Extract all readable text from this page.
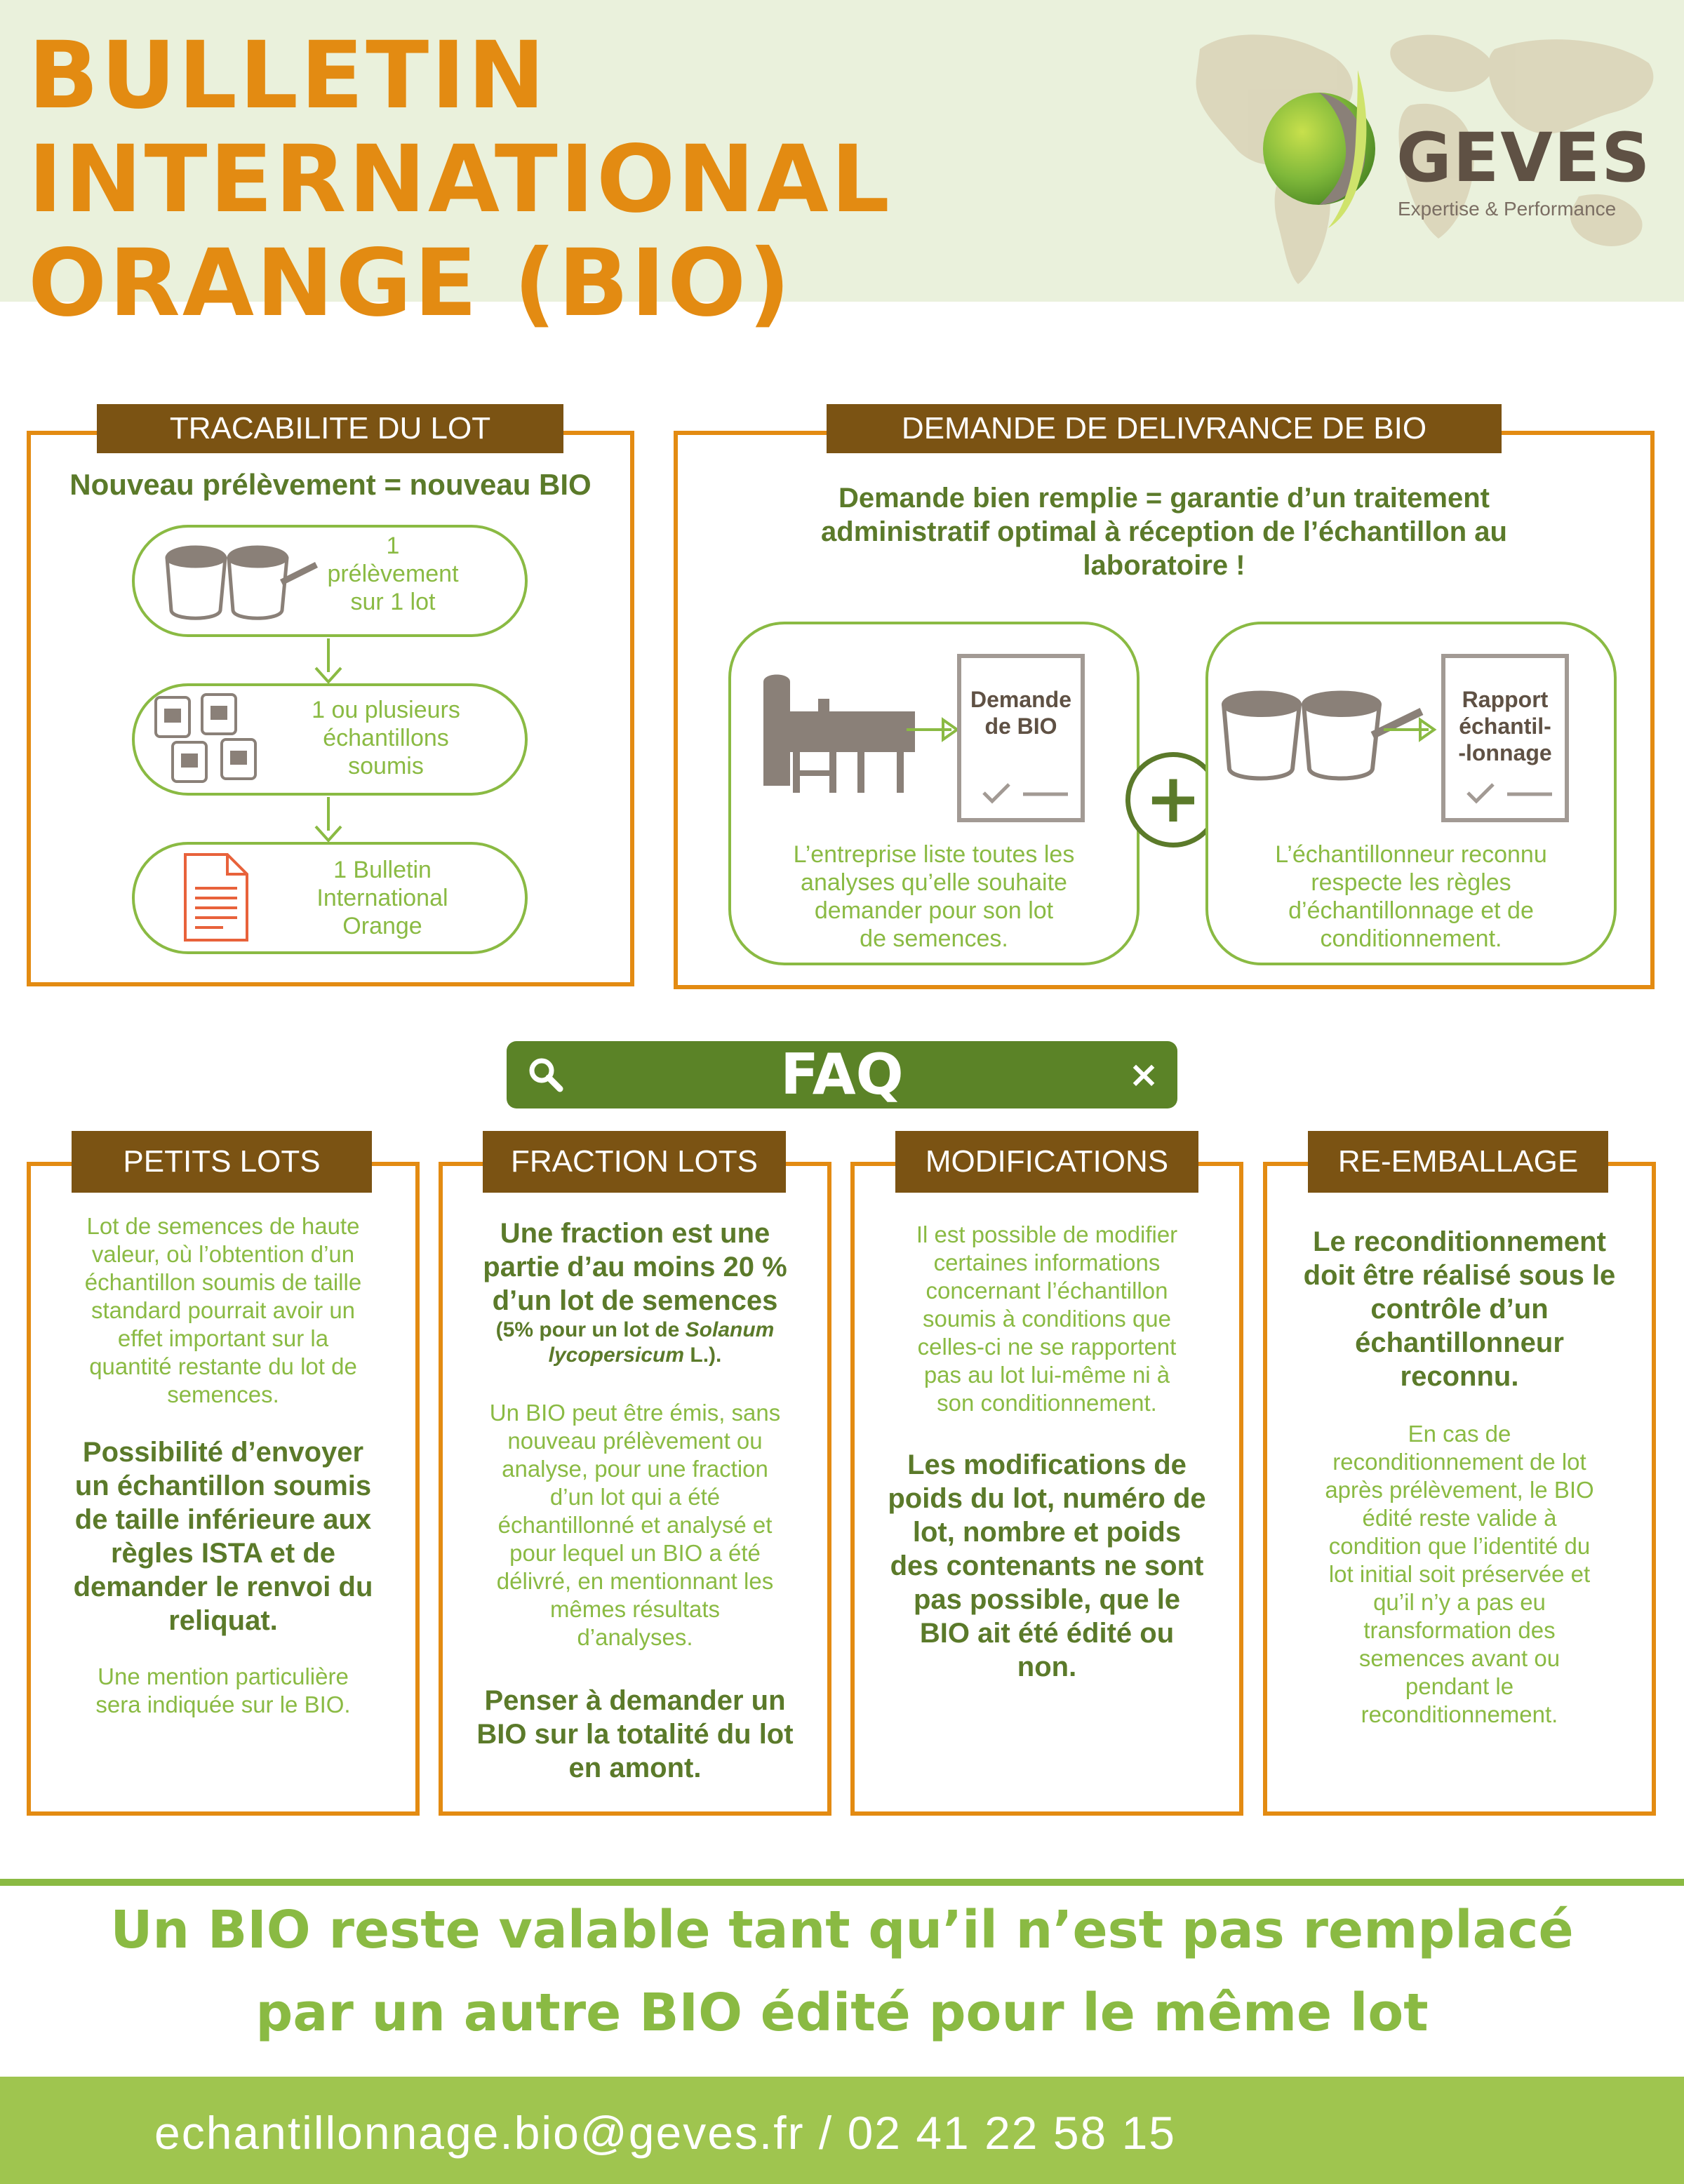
BULLETIN
INTERNATIONAL
ORANGE (BIO)
GEVES
Expertise & Performance
TRACABILITE DU LOT
Nouveau prélèvement = nouveau BIO
1
prélèvement
sur 1 lot
1 ou plusieurs
échantillons
soumis
1 Bulletin
International
Orange
DEMANDE DE DELIVRANCE DE BIO
Demande bien remplie = garantie d’un traitement
administratif optimal à réception de l’échantillon au
laboratoire !
Demande
de BIO
L’entreprise liste toutes les
analyses qu’elle souhaite
demander pour son lot
de semences.
+
Rapport
échantil-
-lonnage
L’échantillonneur reconnu
respecte les règles
d’échantillonnage et de
conditionnement.
FAQ	×
PETITS LOTS
Lot de semences de haute
valeur, où l’obtention d’un
échantillon soumis de taille
standard pourrait avoir un
effet important sur la
quantité restante du lot de
semences.
Possibilité d’envoyer
un échantillon soumis
de taille inférieure aux
règles ISTA et de
demander le renvoi du
reliquat.
Une mention particulière
sera indiquée sur le BIO.
FRACTION LOTS
Une fraction est une
partie d’au moins 20 %
d’un lot de semences
(5% pour un lot de Solanum
lycopersicum L.).
Un BIO peut être émis, sans
nouveau prélèvement ou
analyse, pour une fraction
d’un lot qui a été
échantillonné et analysé et
pour lequel un BIO a été
délivré, en mentionnant les
mêmes résultats
d’analyses.
Penser à demander un
BIO sur la totalité du lot
en amont.
MODIFICATIONS
Il est possible de modifier
certaines informations
concernant l’échantillon
soumis à conditions que
celles-ci ne se rapportent
pas au lot lui-même ni à
son conditionnement.
Les modifications de
poids du lot, numéro de
lot, nombre et poids
des contenants ne sont
pas possible, que le
BIO ait été édité ou
non.
RE-EMBALLAGE
Le reconditionnement
doit être réalisé sous le
contrôle d’un
échantillonneur
reconnu.
En cas de
reconditionnement de lot
après prélèvement, le BIO
édité reste valide à
condition que l’identité du
lot initial soit préservée et
qu’il n’y a pas eu
transformation des
semences avant ou
pendant le
reconditionnement.
Un BIO reste valable tant qu’il n’est pas remplacé
par un autre BIO édité pour le même lot
echantillonnage.bio@geves.fr / 02 41 22 58 15
